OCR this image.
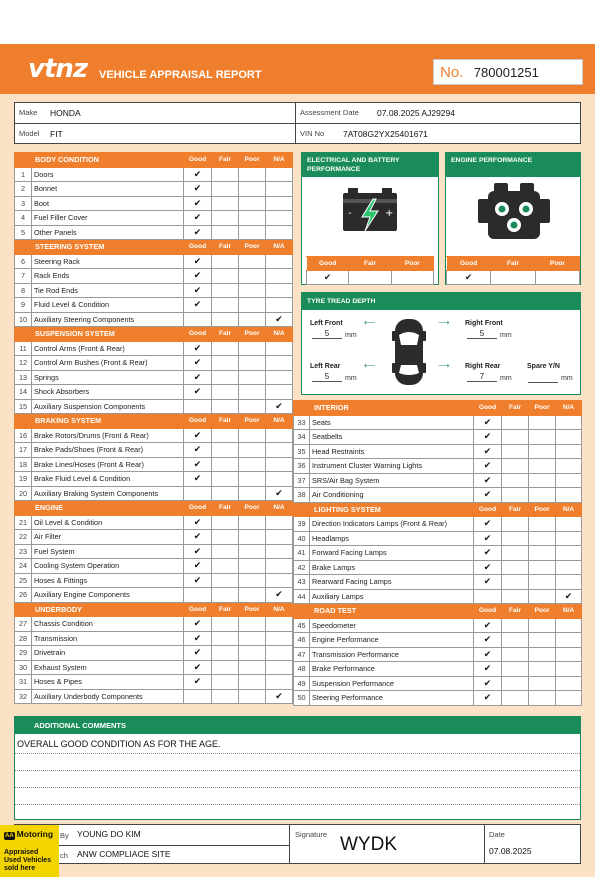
vtnz VEHICLE APPRAISAL REPORT	No. 780001251
Make HONDA
Model FIT
Assessment Date 07.08.2025 AJ29294
VIN No 7AT08G2YX25401671
BODY CONDITION		Good	Fair	Poor	N/A
1	Doors	✔			
2	Bonnet	✔			
3	Boot	✔			
4	Fuel Filler Cover	✔			
5	Other Panels	✔			
STEERING SYSTEM		Good	Fair	Poor	N/A
6	Steering Rack	✔			
7	Rack Ends	✔			
8	Tie Rod Ends	✔			
9	Fluid Level & Condition	✔			
10	Auxiliary Steering Components				✔
SUSPENSION SYSTEM		Good	Fair	Poor	N/A
11	Control Arms (Front & Rear)	✔			
12	Control Arm Bushes (Front & Rear)	✔			
13	Springs	✔			
14	Shock Absorbers	✔			
15	Auxiliary Suspension Components				✔
BRAKING SYSTEM		Good	Fair	Poor	N/A
16	Brake Rotors/Drums (Front & Rear)	✔			
17	Brake Pads/Shoes (Front & Rear)	✔			
18	Brake Lines/Hoses (Front & Rear)	✔			
19	Brake Fluid Level & Condition	✔			
20	Auxiliary Braking System Components				✔
ENGINE		Good	Fair	Poor	N/A
21	Oil Level & Condition	✔			
22	Air Filter	✔			
23	Fuel System	✔			
24	Cooling System Operation	✔			
25	Hoses & Fittings	✔			
26	Auxiliary Engine Components				✔
UNDERBODY		Good	Fair	Poor	N/A
27	Chassis Condition	✔			
28	Transmission	✔			
29	Drivetrain	✔			
30	Exhaust System	✔			
31	Hoses & Pipes	✔			
32	Auxiliary Underbody Components				✔
INTERIOR		Good	Fair	Poor	N/A
33	Seats	✔			
34	Seatbelts	✔			
35	Head Restraints	✔			
36	Instrument Cluster Warning Lights	✔			
37	SRS/Air Bag System	✔			
38	Air Conditioning	✔			
LIGHTING SYSTEM		Good	Fair	Poor	N/A
39	Direction Indicators Lamps (Front & Rear)	✔			
40	Headlamps	✔			
41	Forward Facing Lamps	✔			
42	Brake Lamps	✔			
43	Rearward Facing Lamps	✔			
44	Auxiliary Lamps				✔
ROAD TEST		Good	Fair	Poor	N/A
45	Speedometer	✔			
46	Engine Performance	✔			
47	Transmission Performance	✔			
48	Brake Performance	✔			
49	Suspension Performance	✔			
50	Steering Performance	✔			
ELECTRICAL AND BATTERY PERFORMANCE
-	+
Good	Fair	Poor
✔		
ENGINE PERFORMANCE
Good	Fair	Poor
✔		
TYRE TREAD DEPTH
Left Front
5	mm
⟵	Right Front
5	mm
⟶
Left Rear
5	mm
⟵	Right Rear
7	mm
⟶	Spare Y/N
mm
ADDITIONAL COMMENTS
OVERALL GOOD CONDITION AS FOR THE AGE.
By YOUNG DO KIM
ch ANW COMPLIACE SITE
Signature WYDK	Date
07.08.2025
AA Motoring
Appraised
Used Vehicles
sold here
